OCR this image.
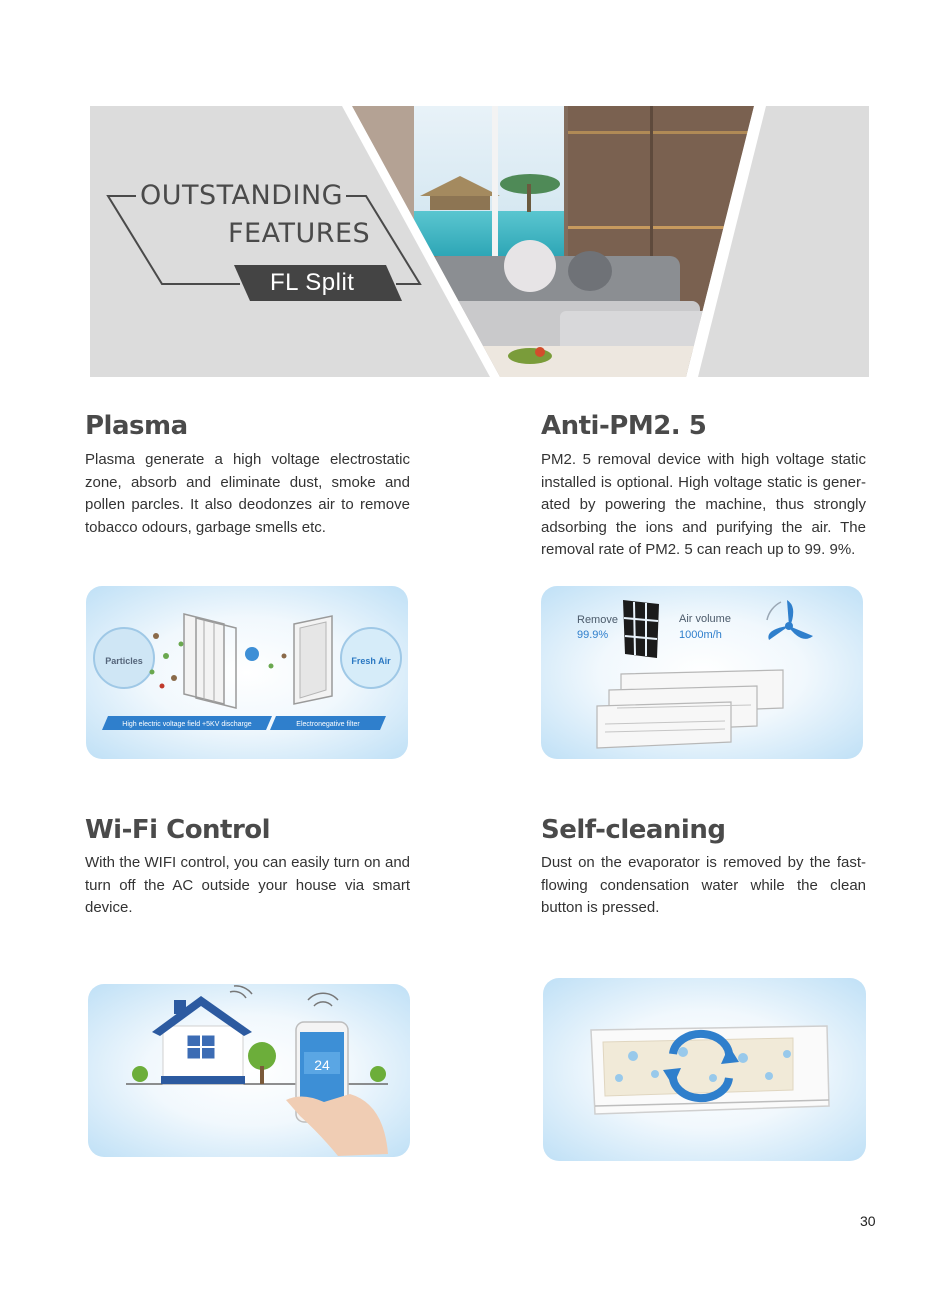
OUTSTANDING
FEATURES
FL Split
Plasma

Plasma generate a high voltage electrostatic zone, absorb and eliminate dust, smoke and pollen parcles. It also deodonzes air to remove tobacco odours, garbage smells etc.

Particles	Fresh Air
High electric voltage field +5KV discharge	Electronegative filter
Anti-PM2. 5

PM2. 5 removal device with high voltage static installed is optional. High voltage static is gener-ated by powering the machine, thus strongly adsorbing the ions and purifying the air. The removal rate of PM2. 5 can reach up to 99. 9%.

Remove
99.9%
Air volume
1000m/h
Wi-Fi Control

With the WIFI control, you can easily turn on and turn off the AC outside your house via smart device.

24
Self-cleaning

Dust on the evaporator is removed by the fast-flowing condensation water while the clean button is pressed.

30
